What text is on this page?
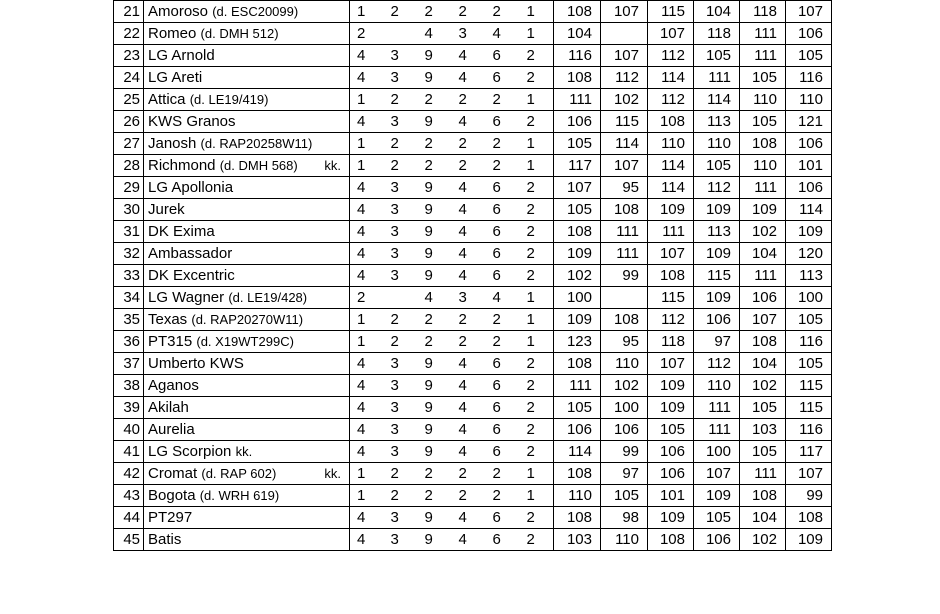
21	Amoroso (d. ESC20099)	1	2	2	2	2	1	108	107	115	104	118	107
22	Romeo (d. DMH 512)	2		4	3	4	1	104		107	118	111	106
23	LG Arnold	4	3	9	4	6	2	116	107	112	105	111	105
24	LG Areti	4	3	9	4	6	2	108	112	114	111	105	116
25	Attica (d. LE19/419)	1	2	2	2	2	1	111	102	112	114	110	110
26	KWS Granos	4	3	9	4	6	2	106	115	108	113	105	121
27	Janosh (d. RAP20258W11)	1	2	2	2	2	1	105	114	110	110	108	106
28	Richmond (d. DMH 568) kk.	1	2	2	2	2	1	117	107	114	105	110	101
29	LG Apollonia	4	3	9	4	6	2	107	95	114	112	111	106
30	Jurek	4	3	9	4	6	2	105	108	109	109	109	114
31	DK Exima	4	3	9	4	6	2	108	111	111	113	102	109
32	Ambassador	4	3	9	4	6	2	109	111	107	109	104	120
33	DK Excentric	4	3	9	4	6	2	102	99	108	115	111	113
34	LG Wagner (d. LE19/428)	2		4	3	4	1	100		115	109	106	100
35	Texas (d. RAP20270W11)	1	2	2	2	2	1	109	108	112	106	107	105
36	PT315 (d. X19WT299C)	1	2	2	2	2	1	123	95	118	97	108	116
37	Umberto KWS	4	3	9	4	6	2	108	110	107	112	104	105
38	Aganos	4	3	9	4	6	2	111	102	109	110	102	115
39	Akilah	4	3	9	4	6	2	105	100	109	111	105	115
40	Aurelia	4	3	9	4	6	2	106	106	105	111	103	116
41	LG Scorpion kk.	4	3	9	4	6	2	114	99	106	100	105	117
42	Cromat (d. RAP 602) kk.	1	2	2	2	2	1	108	97	106	107	111	107
43	Bogota (d. WRH 619)	1	2	2	2	2	1	110	105	101	109	108	99
44	PT297	4	3	9	4	6	2	108	98	109	105	104	108
45	Batis	4	3	9	4	6	2	103	110	108	106	102	109
